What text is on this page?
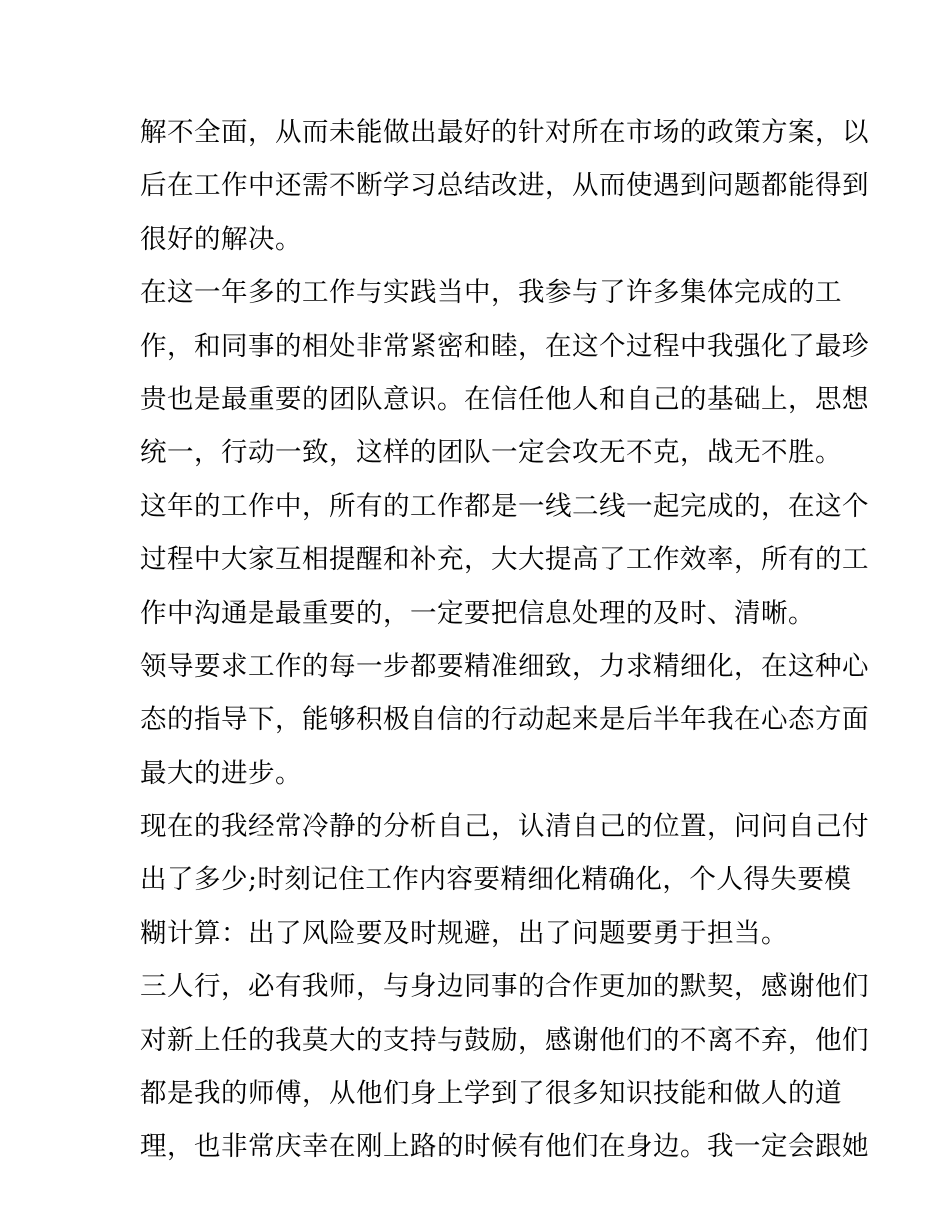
解不全面，从而未能做出最好的针对所在市场的政策方案，以
后在工作中还需不断学习总结改进，从而使遇到问题都能得到
很好的解决。
在这一年多的工作与实践当中，我参与了许多集体完成的工
作，和同事的相处非常紧密和睦，在这个过程中我强化了最珍
贵也是最重要的团队意识。在信任他人和自己的基础上，思想
统一，行动一致，这样的团队一定会攻无不克，战无不胜。
这年的工作中，所有的工作都是一线二线一起完成的，在这个
过程中大家互相提醒和补充，大大提高了工作效率，所有的工
作中沟通是最重要的，一定要把信息处理的及时、清晰。
领导要求工作的每一步都要精准细致，力求精细化，在这种心
态的指导下，能够积极自信的行动起来是后半年我在心态方面
最大的进步。
现在的我经常冷静的分析自己，认清自己的位置，问问自己付
出了多少;时刻记住工作内容要精细化精确化，个人得失要模
糊计算：出了风险要及时规避，出了问题要勇于担当。
三人行，必有我师，与身边同事的合作更加的默契，感谢他们
对新上任的我莫大的支持与鼓励，感谢他们的不离不弃，他们
都是我的师傅，从他们身上学到了很多知识技能和做人的道
理，也非常庆幸在刚上路的时候有他们在身边。我一定会跟她
